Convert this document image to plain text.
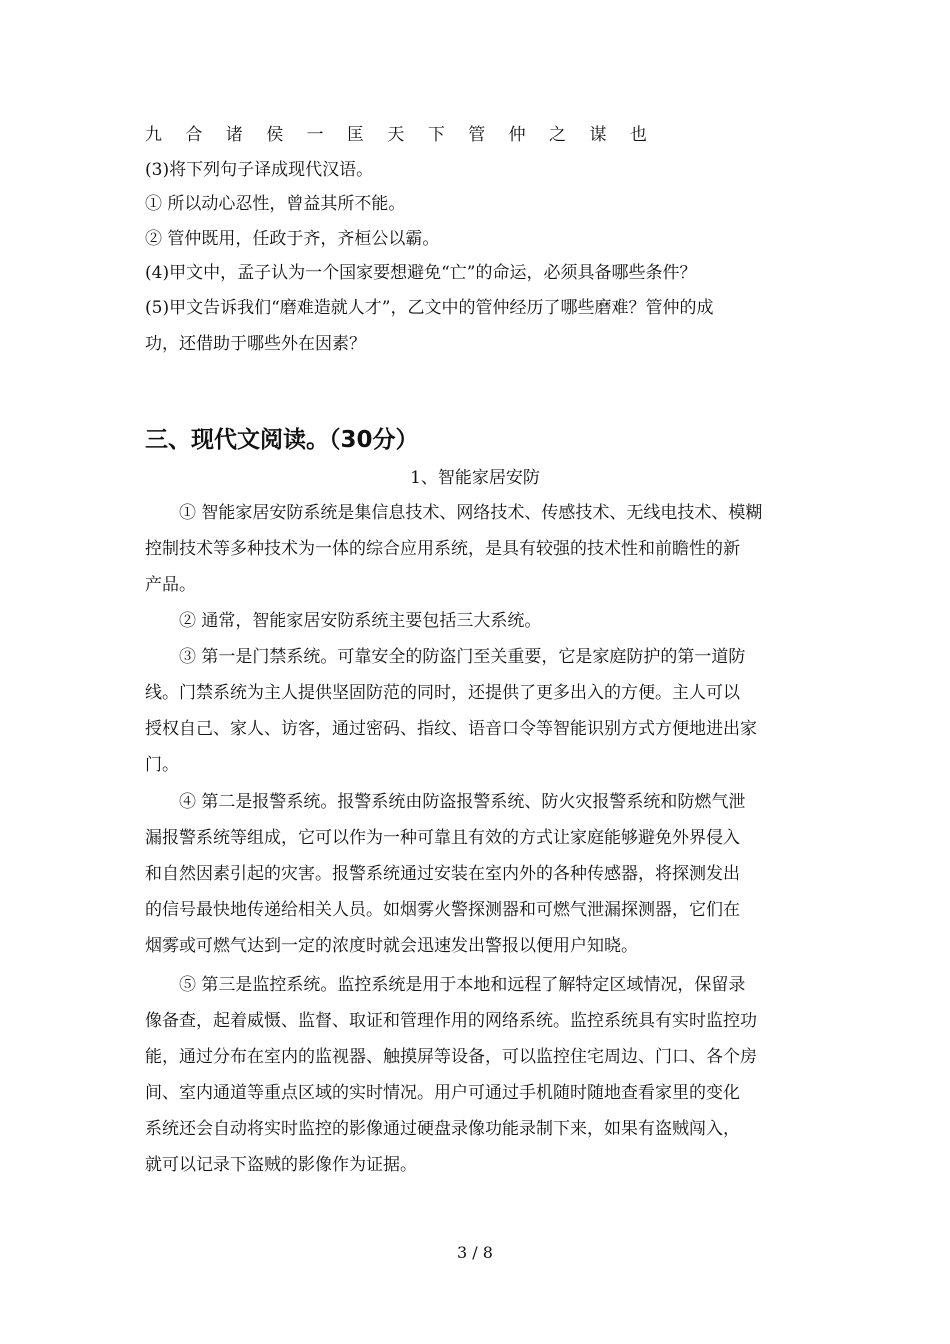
九 合 诸 侯 一 匡 天 下 管 仲 之 谋 也
(3)将下列句子译成现代汉语。
① 所以动心忍性，曾益其所不能。
② 管仲既用，任政于齐，齐桓公以霸。
(4)甲文中，孟子认为一个国家要想避免“亡”的命运，必须具备哪些条件？
(5)甲文告诉我们“磨难造就人才”，乙文中的管仲经历了哪些磨难？管仲的成
功，还借助于哪些外在因素？
三、现代文阅读。（30分）
1、智能家居安防
① 智能家居安防系统是集信息技术、网络技术、传感技术、无线电技术、模糊
控制技术等多种技术为一体的综合应用系统，是具有较强的技术性和前瞻性的新
产品。
② 通常，智能家居安防系统主要包括三大系统。
③ 第一是门禁系统。可靠安全的防盗门至关重要，它是家庭防护的第一道防
线。门禁系统为主人提供坚固防范的同时，还提供了更多出入的方便。主人可以
授权自己、家人、访客，通过密码、指纹、语音口令等智能识别方式方便地进出家
门。
④ 第二是报警系统。报警系统由防盗报警系统、防火灾报警系统和防燃气泄
漏报警系统等组成，它可以作为一种可靠且有效的方式让家庭能够避免外界侵入
和自然因素引起的灾害。报警系统通过安装在室内外的各种传感器，将探测发出
的信号最快地传递给相关人员。如烟雾火警探测器和可燃气泄漏探测器，它们在
烟雾或可燃气达到一定的浓度时就会迅速发出警报以便用户知晓。
⑤ 第三是监控系统。监控系统是用于本地和远程了解特定区域情况，保留录
像备查，起着威慑、监督、取证和管理作用的网络系统。监控系统具有实时监控功
能，通过分布在室内的监视器、触摸屏等设备，可以监控住宅周边、门口、各个房
间、室内通道等重点区域的实时情况。用户可通过手机随时随地查看家里的变化
系统还会自动将实时监控的影像通过硬盘录像功能录制下来，如果有盗贼闯入，
就可以记录下盗贼的影像作为证据。
3 / 8
